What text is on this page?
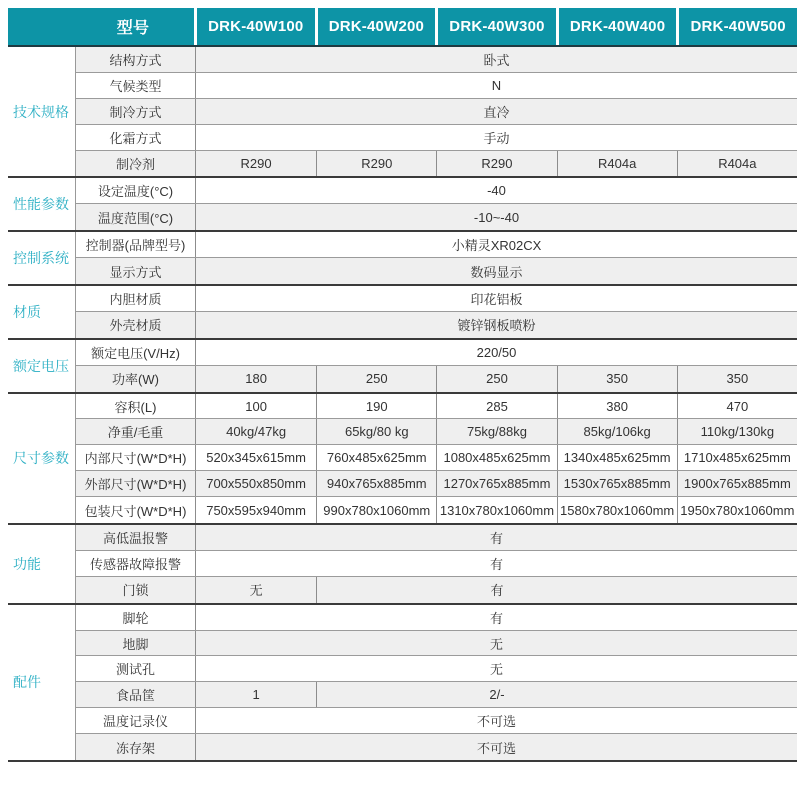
型号	DRK-40W100 DRK-40W200 DRK-40W300 DRK-40W400 DRK-40W500
技术规格
结构方式	卧式
气候类型	N
制冷方式	直冷
化霜方式	手动
制冷剂	R290	R290	R290	R404a	R404a
性能参数
设定温度(°C)	-40
温度范围(°C)	-10~-40
控制系统
控制器(品牌型号)	小精灵XR02CX
显示方式	数码显示
材质
内胆材质	印花铝板
外壳材质	镀锌钢板喷粉
额定电压
额定电压(V/Hz)	220/50
功率(W)	180	250	250	350	350
尺寸参数
容积(L)	100	190	285	380	470
净重/毛重	40kg/47kg	65kg/80 kg	75kg/88kg	85kg/106kg	110kg/130kg
内部尺寸(W*D*H) 520x345x615mm 760x485x625mm 1080x485x625mm 1340x485x625mm 1710x485x625mm
外部尺寸(W*D*H) 700x550x850mm 940x765x885mm 1270x765x885mm 1530x765x885mm 1900x765x885mm
包装尺寸(W*D*H) 750x595x940mm 990x780x1060mm 1310x780x1060mm 1580x780x1060mm 1950x780x1060mm
功能
高低温报警	有
传感器故障报警	有
门锁	无	有
配件
脚轮	有
地脚	无
测试孔	无
食品筐	1	2/-
温度记录仪	不可选
冻存架	不可选
